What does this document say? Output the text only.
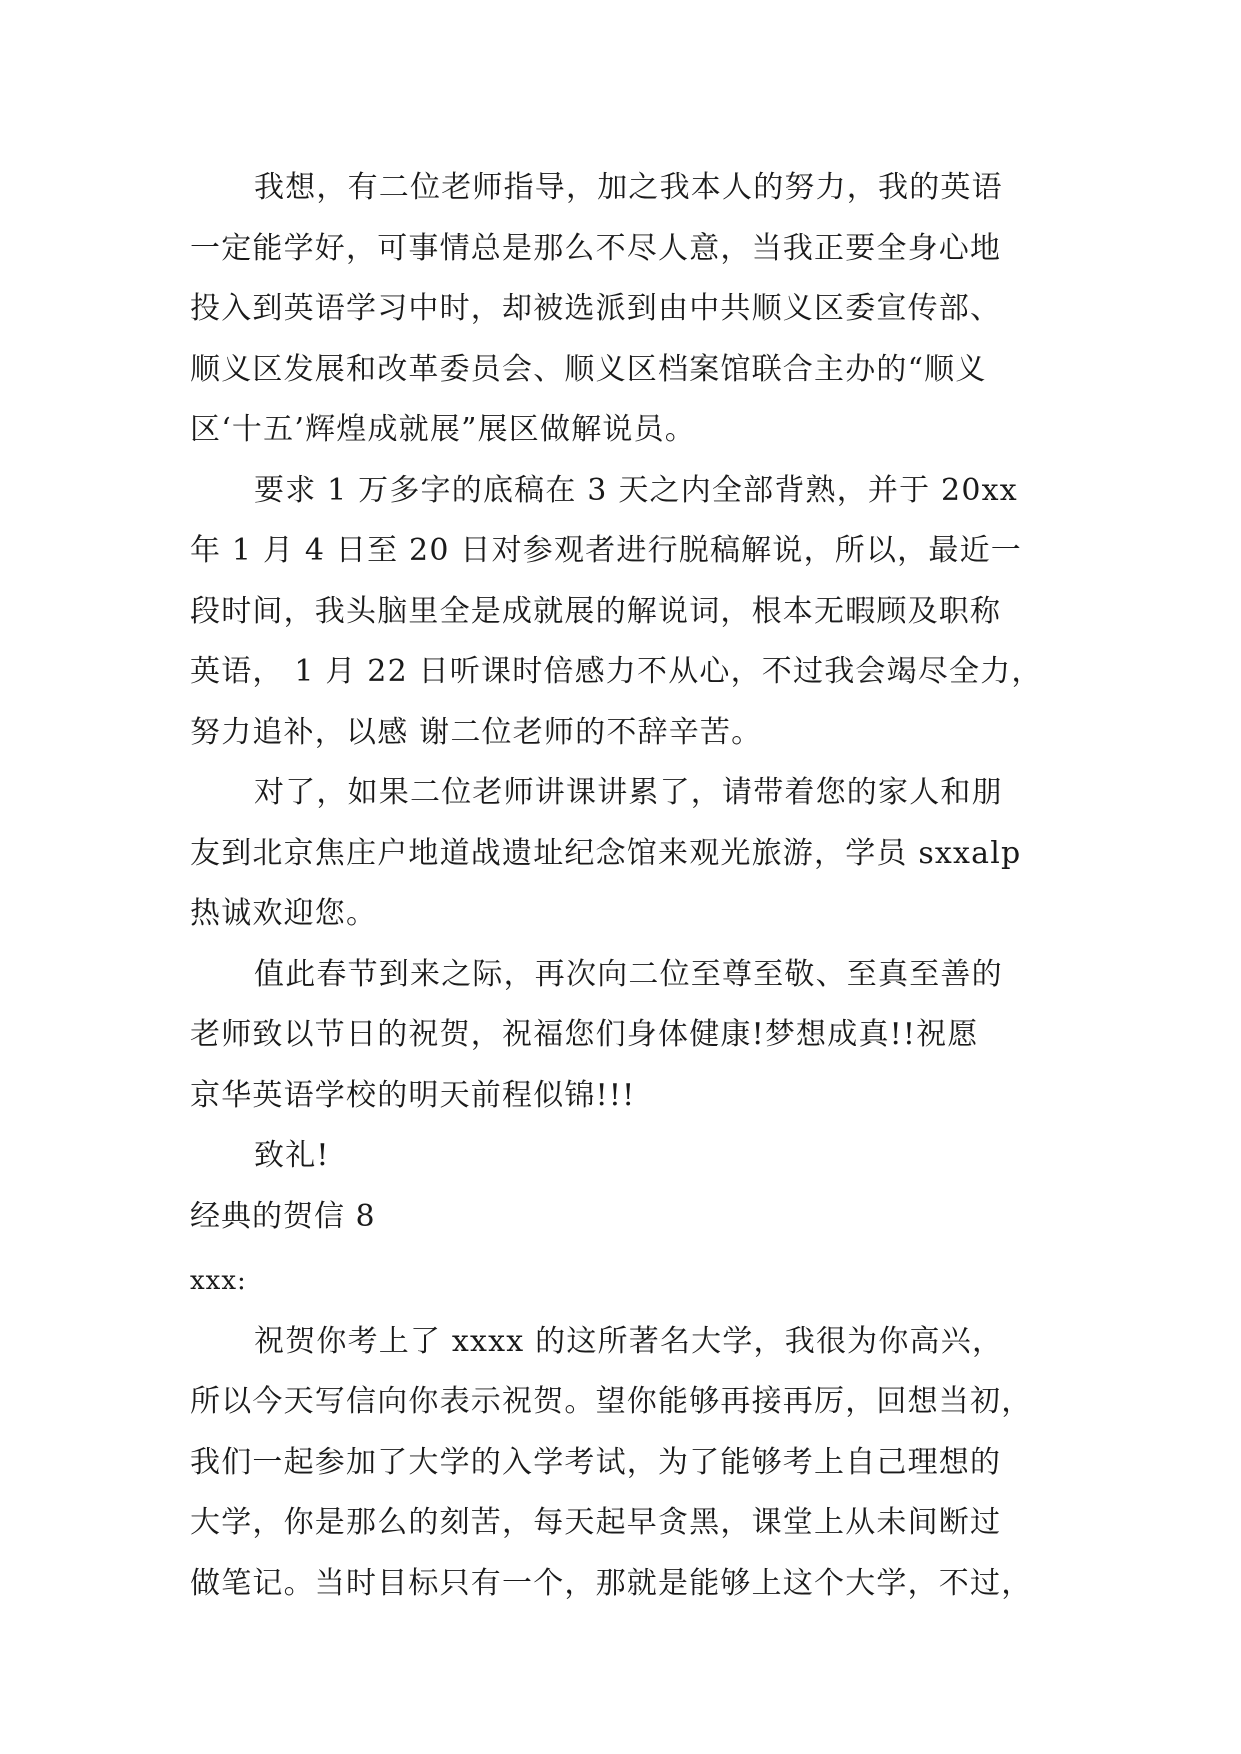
我想，有二位老师指导，加之我本人的努力，我的英语
一定能学好，可事情总是那么不尽人意，当我正要全身心地
投入到英语学习中时，却被选派到由中共顺义区委宣传部、
顺义区发展和改革委员会、顺义区档案馆联合主办的“顺义
区‘十五’辉煌成就展”展区做解说员。
要求 1 万多字的底稿在 3 天之内全部背熟，并于 20xx
年 1 月 4 日至 20 日对参观者进行脱稿解说，所以，最近一
段时间，我头脑里全是成就展的解说词，根本无暇顾及职称
英语， 1 月 22 日听课时倍感力不从心，不过我会竭尽全力，
努力追补，以感 谢二位老师的不辞辛苦。
对了，如果二位老师讲课讲累了，请带着您的家人和朋
友到北京焦庄户地道战遗址纪念馆来观光旅游，学员 sxxalp
热诚欢迎您。
值此春节到来之际，再次向二位至尊至敬、至真至善的
老师致以节日的祝贺，祝福您们身体健康!梦想成真!!祝愿
京华英语学校的明天前程似锦!!!
致礼!
经典的贺信 8
xxx:
祝贺你考上了 xxxx 的这所著名大学，我很为你高兴，
所以今天写信向你表示祝贺。望你能够再接再厉，回想当初，
我们一起参加了大学的入学考试，为了能够考上自己理想的
大学，你是那么的刻苦，每天起早贪黑，课堂上从未间断过
做笔记。当时目标只有一个，那就是能够上这个大学，不过，
